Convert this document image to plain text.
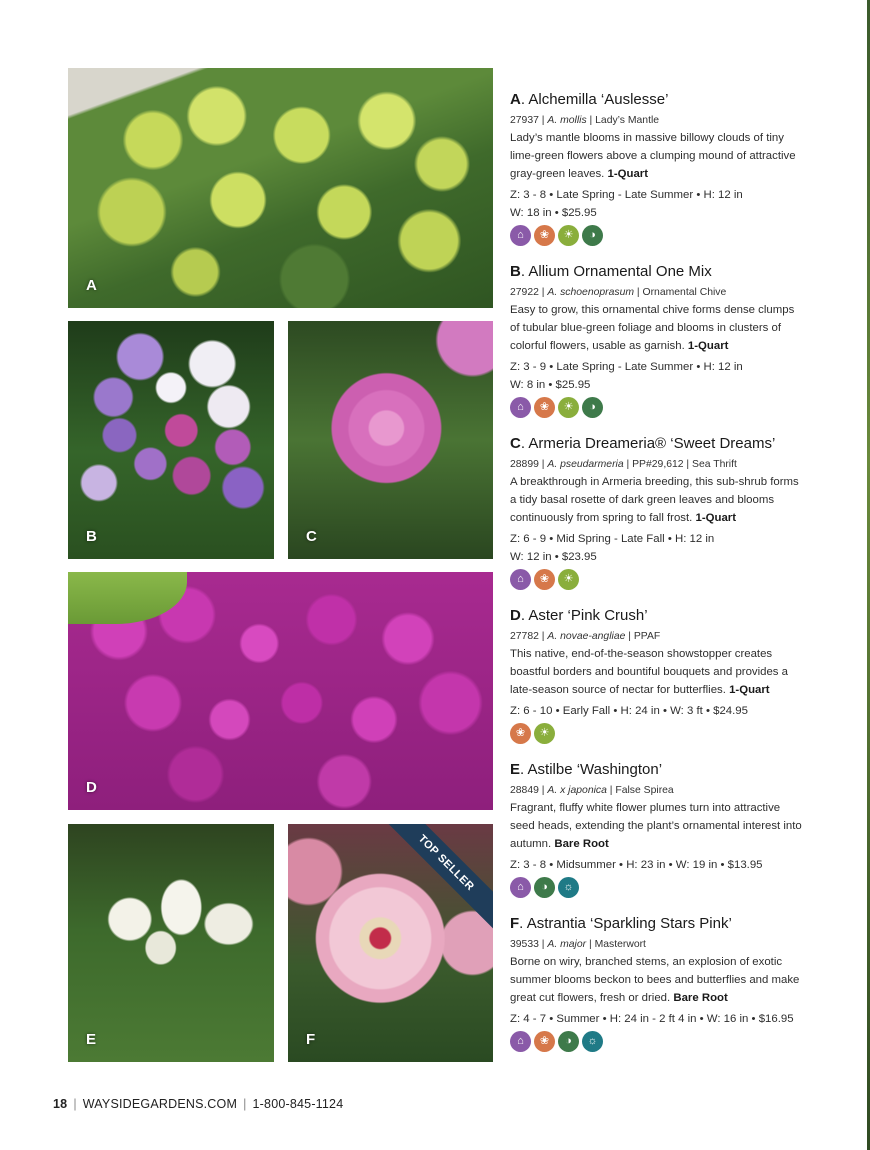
A
B	C
D
E
TOP SELLER
F
A. Alchemilla ‘Auslesse’
27937 | A. mollis | Lady’s Mantle
Lady’s mantle blooms in massive billowy clouds of tiny lime-green flowers above a clumping mound of attractive gray-green leaves. 1-Quart
Z: 3 - 8 • Late Spring - Late Summer • H: 12 in
W: 18 in • $25.95
⌂	❀	☀	◑
B. Allium Ornamental One Mix
27922 | A. schoenoprasum | Ornamental Chive
Easy to grow, this ornamental chive forms dense clumps of tubular blue-green foliage and blooms in clusters of colorful flowers, usable as garnish. 1-Quart
Z: 3 - 9 • Late Spring - Late Summer • H: 12 in
W: 8 in • $25.95
⌂	❀	☀	◑
C. Armeria Dreameria® ‘Sweet Dreams’
28899 | A. pseudarmeria | PP#29,612 | Sea Thrift
A breakthrough in Armeria breeding, this sub-shrub forms a tidy basal rosette of dark green leaves and blooms continuously from spring to fall frost. 1-Quart
Z: 6 - 9 • Mid Spring - Late Fall • H: 12 in
W: 12 in • $23.95
⌂	❀	☀
D. Aster ‘Pink Crush’
27782 | A. novae-angliae | PPAF
This native, end-of-the-season showstopper creates boastful borders and bountiful bouquets and provides a late-season source of nectar for butterflies. 1-Quart
Z: 6 - 10 • Early Fall • H: 24 in • W: 3 ft • $24.95
❀	☀
E. Astilbe ‘Washington’
28849 | A. x japonica | False Spirea
Fragrant, fluffy white flower plumes turn into attractive seed heads, extending the plant’s ornamental interest into autumn. Bare Root
Z: 3 - 8 • Midsummer • H: 23 in • W: 19 in • $13.95
⌂	◑	☼
F. Astrantia ‘Sparkling Stars Pink’
39533 | A. major | Masterwort
Borne on wiry, branched stems, an explosion of exotic summer blooms beckon to bees and butterflies and make great cut flowers, fresh or dried. Bare Root
Z: 4 - 7 • Summer • H: 24 in - 2 ft 4 in • W: 16 in • $16.95
⌂	❀	◑	☼
18 | WAYSIDEGARDENS.COM | 1-800-845-1124
